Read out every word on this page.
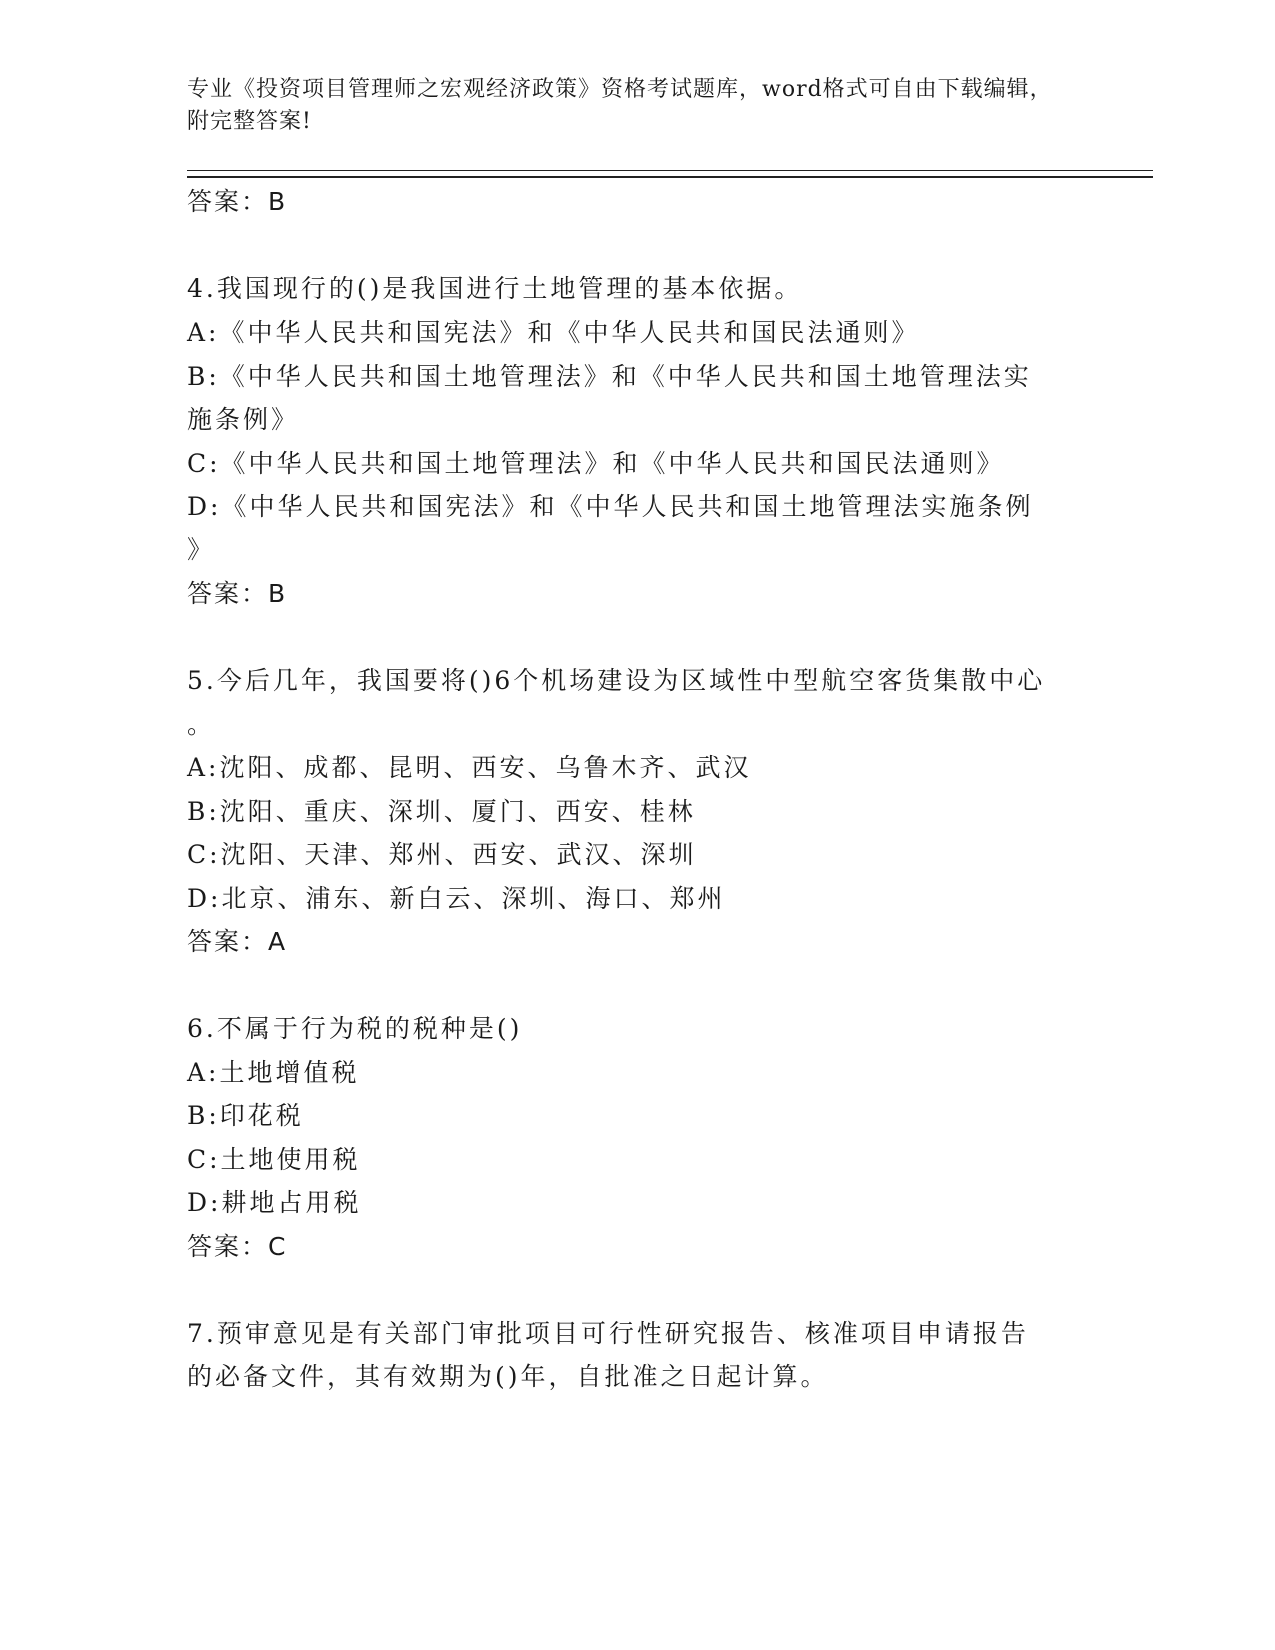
专业《投资项目管理师之宏观经济政策》资格考试题库，word格式可自由下载编辑，附完整答案!
答案：B
4.我国现行的()是我国进行土地管理的基本依据。
A:《中华人民共和国宪法》和《中华人民共和国民法通则》
B:《中华人民共和国土地管理法》和《中华人民共和国土地管理法实
施条例》
C:《中华人民共和国土地管理法》和《中华人民共和国民法通则》
D:《中华人民共和国宪法》和《中华人民共和国土地管理法实施条例
》
答案：B
5.今后几年，我国要将()6个机场建设为区域性中型航空客货集散中心
。
A:沈阳、成都、昆明、西安、乌鲁木齐、武汉
B:沈阳、重庆、深圳、厦门、西安、桂林
C:沈阳、天津、郑州、西安、武汉、深圳
D:北京、浦东、新白云、深圳、海口、郑州
答案：A
6.不属于行为税的税种是()
A:土地增值税
B:印花税
C:土地使用税
D:耕地占用税
答案：C
7.预审意见是有关部门审批项目可行性研究报告、核准项目申请报告
的必备文件，其有效期为()年，自批准之日起计算。
